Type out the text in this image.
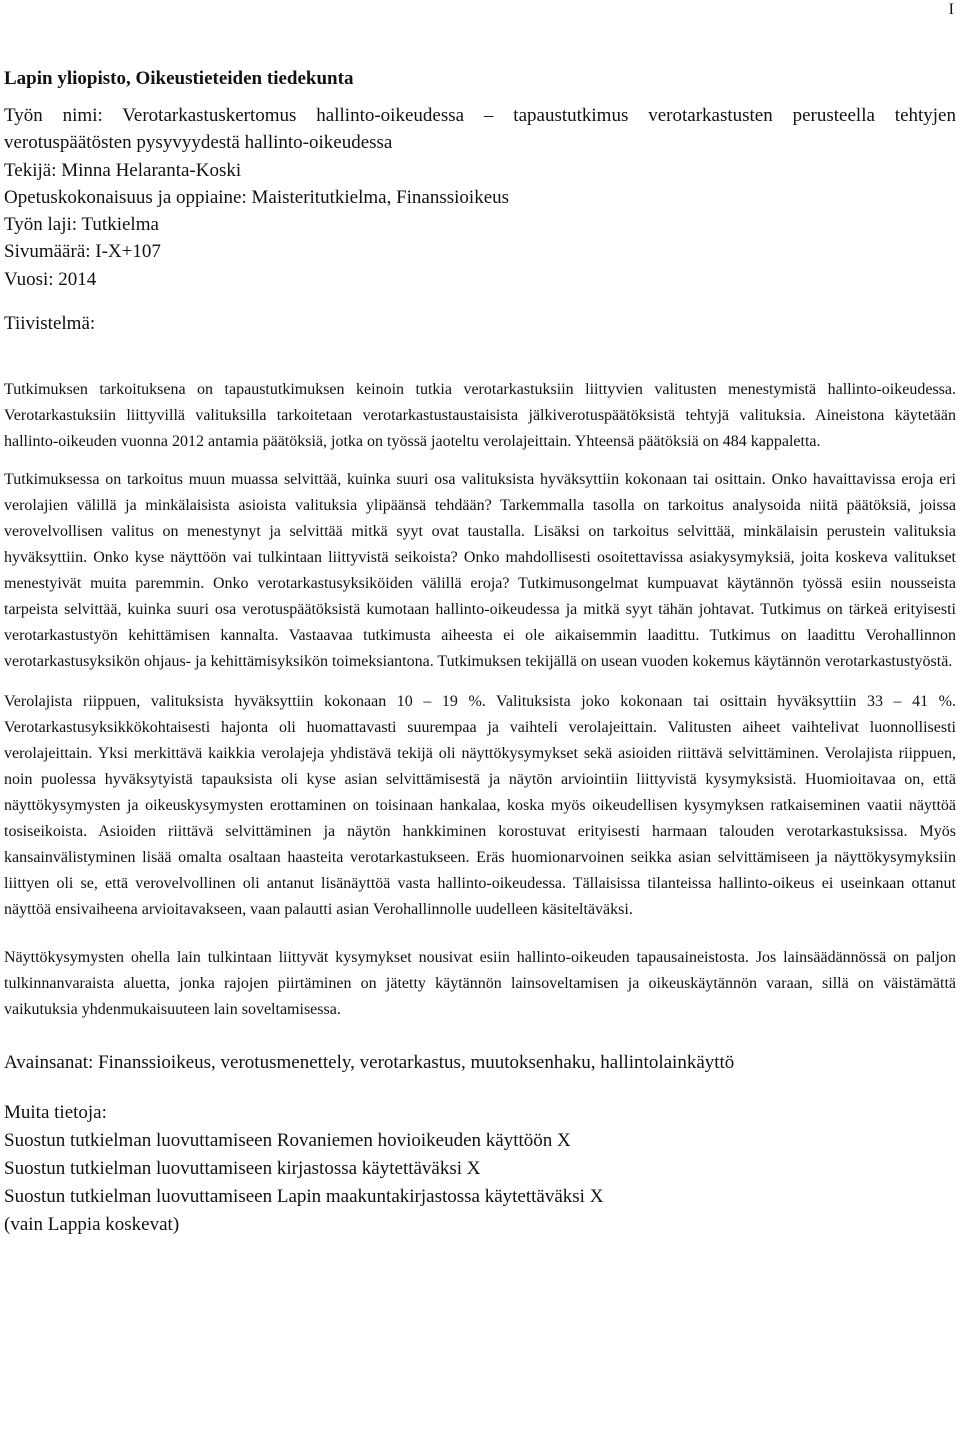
I
Lapin yliopisto, Oikeustieteiden tiedekunta

Työn nimi: Verotarkastuskertomus hallinto-oikeudessa – tapaustutkimus verotarkastusten perusteella tehtyjen verotuspäätösten pysyvyydestä hallinto-oikeudessa

Tekijä: Minna Helaranta-Koski

Opetuskokonaisuus ja oppiaine: Maisteritutkielma, Finanssioikeus

Työn laji: Tutkielma

Sivumäärä: I-X+107

Vuosi: 2014

Tiivistelmä:

Tutkimuksen tarkoituksena on tapaustutkimuksen keinoin tutkia verotarkastuksiin liittyvien valitusten menestymistä hallinto-oikeudessa. Verotarkastuksiin liittyvillä valituksilla tarkoitetaan verotarkastustaustaisista jälkiverotuspäätöksistä tehtyjä valituksia. Aineistona käytetään hallinto-oikeuden vuonna 2012 antamia päätöksiä, jotka on työssä jaoteltu verolajeittain. Yhteensä päätöksiä on 484 kappaletta.

Tutkimuksessa on tarkoitus muun muassa selvittää, kuinka suuri osa valituksista hyväksyttiin kokonaan tai osittain. Onko havaittavissa eroja eri verolajien välillä ja minkälaisista asioista valituksia ylipäänsä tehdään? Tarkemmalla tasolla on tarkoitus analysoida niitä päätöksiä, joissa verovelvollisen valitus on menestynyt ja selvittää mitkä syyt ovat taustalla. Lisäksi on tarkoitus selvittää, minkälaisin perustein valituksia hyväksyttiin. Onko kyse näyttöön vai tulkintaan liittyvistä seikoista? Onko mahdollisesti osoitettavissa asiakysymyksiä, joita koskeva valitukset menestyivät muita paremmin. Onko verotarkastusyksiköiden välillä eroja? Tutkimusongelmat kumpuavat käytännön työssä esiin nousseista tarpeista selvittää, kuinka suuri osa verotuspäätöksistä kumotaan hallinto-oikeudessa ja mitkä syyt tähän johtavat. Tutkimus on tärkeä erityisesti verotarkastustyön kehittämisen kannalta. Vastaavaa tutkimusta aiheesta ei ole aikaisemmin laadittu. Tutkimus on laadittu Verohallinnon verotarkastusyksikön ohjaus- ja kehittämisyksikön toimeksiantona. Tutkimuksen tekijällä on usean vuoden kokemus käytännön verotarkastustyöstä.

Verolajista riippuen, valituksista hyväksyttiin kokonaan 10 – 19 %. Valituksista joko kokonaan tai osittain hyväksyttiin 33 – 41 %. Verotarkastusyksikkökohtaisesti hajonta oli huomattavasti suurempaa ja vaihteli verolajeittain. Valitusten aiheet vaihtelivat luonnollisesti verolajeittain. Yksi merkittävä kaikkia verolajeja yhdistävä tekijä oli näyttökysymykset sekä asioiden riittävä selvittäminen. Verolajista riippuen, noin puolessa hyväksytyistä tapauksista oli kyse asian selvittämisestä ja näytön arviointiin liittyvistä kysymyksistä. Huomioitavaa on, että näyttökysymysten ja oikeuskysymysten erottaminen on toisinaan hankalaa, koska myös oikeudellisen kysymyksen ratkaiseminen vaatii näyttöä tosiseikoista. Asioiden riittävä selvittäminen ja näytön hankkiminen korostuvat erityisesti harmaan talouden verotarkastuksissa. Myös kansainvälistyminen lisää omalta osaltaan haasteita verotarkastukseen. Eräs huomionarvoinen seikka asian selvittämiseen ja näyttökysymyksiin liittyen oli se, että verovelvollinen oli antanut lisänäyttöä vasta hallinto-oikeudessa. Tällaisissa tilanteissa hallinto-oikeus ei useinkaan ottanut näyttöä ensivaiheena arvioitavakseen, vaan palautti asian Verohallinnolle uudelleen käsiteltäväksi.

Näyttökysymysten ohella lain tulkintaan liittyvät kysymykset nousivat esiin hallinto-oikeuden tapausaineistosta. Jos lainsäädännössä on paljon tulkinnanvaraista aluetta, jonka rajojen piirtäminen on jätetty käytännön lainsoveltamisen ja oikeuskäytännön varaan, sillä on väistämättä vaikutuksia yhdenmukaisuuteen lain soveltamisessa.

Avainsanat: Finanssioikeus, verotusmenettely, verotarkastus, muutoksenhaku, hallintolainkäyttö

Muita tietoja:

Suostun tutkielman luovuttamiseen Rovaniemen hovioikeuden käyttöön X

Suostun tutkielman luovuttamiseen kirjastossa käytettäväksi X

Suostun tutkielman luovuttamiseen Lapin maakuntakirjastossa käytettäväksi X

(vain Lappia koskevat)
